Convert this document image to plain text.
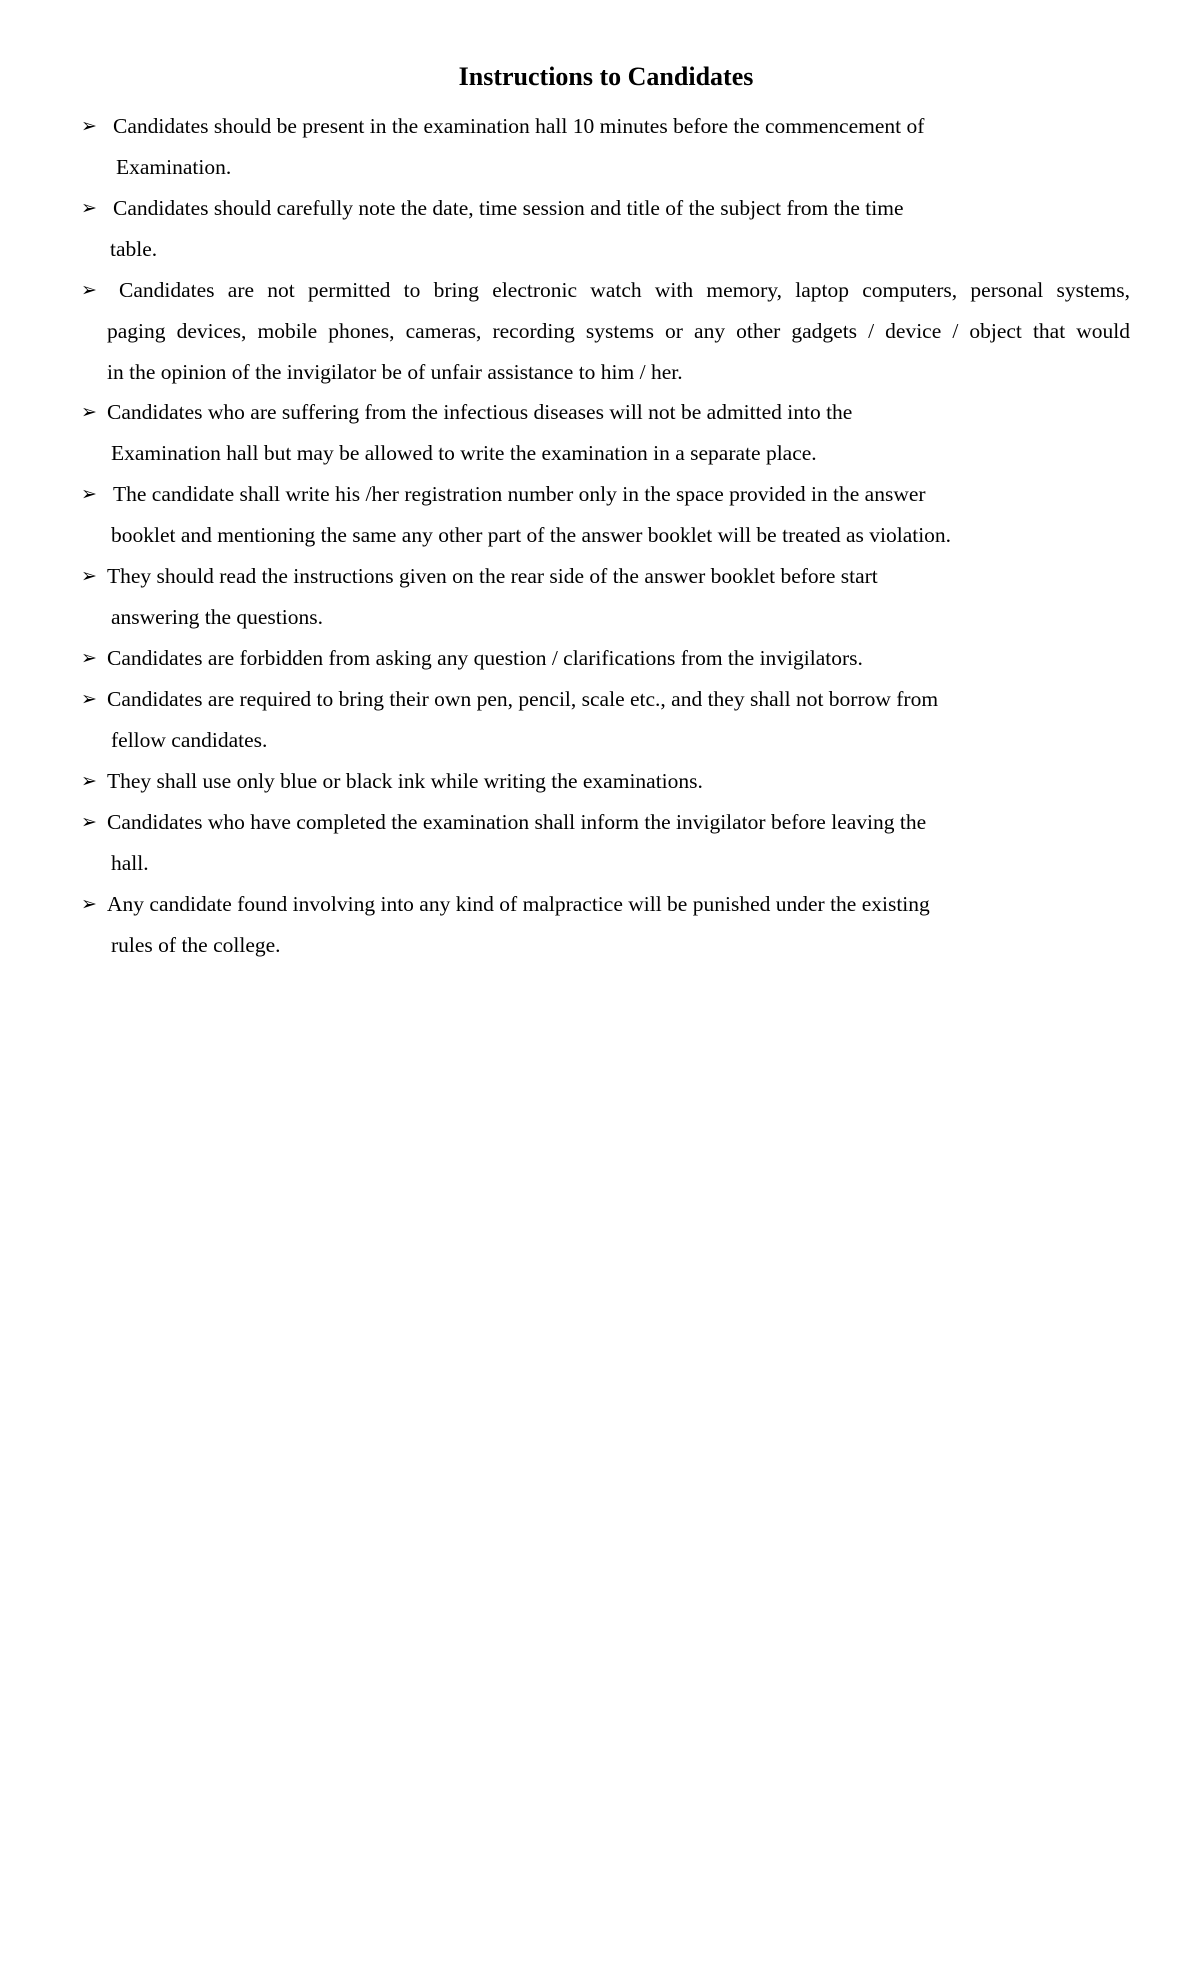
Instructions to Candidates
➢ Candidates should be present in the examination hall 10 minutes before the commencement of
Examination.
➢ Candidates should carefully note the date, time session and title of the subject from the time
table.
➢ Candidates are not permitted to bring electronic watch with memory, laptop computers, personal systems,
paging devices, mobile phones, cameras, recording systems or any other gadgets / device / object that would
in the opinion of the invigilator be of unfair assistance to him / her.
➢ Candidates who are suffering from the infectious diseases will not be admitted into the
Examination hall but may be allowed to write the examination in a separate place.
➢ The candidate shall write his /her registration number only in the space provided in the answer
booklet and mentioning the same any other part of the answer booklet will be treated as violation.
➢ They should read the instructions given on the rear side of the answer booklet before start
answering the questions.
➢ Candidates are forbidden from asking any question / clarifications from the invigilators.
➢ Candidates are required to bring their own pen, pencil, scale etc., and they shall not borrow from
fellow candidates.
➢ They shall use only blue or black ink while writing the examinations.
➢ Candidates who have completed the examination shall inform the invigilator before leaving the
hall.
➢ Any candidate found involving into any kind of malpractice will be punished under the existing
rules of the college.
